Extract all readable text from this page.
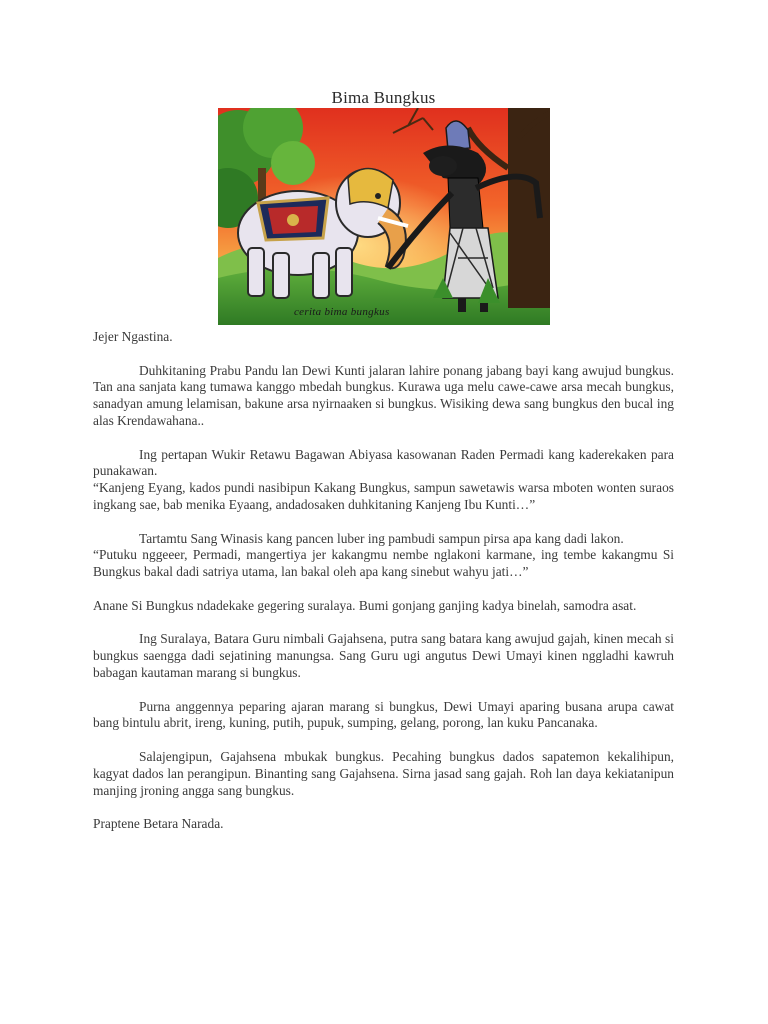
Bima Bungkus
cerita bima bungkus

Jejer Ngastina.

Duhkitaning Prabu Pandu lan Dewi Kunti jalaran lahire ponang jabang bayi kang awujud bungkus. Tan ana sanjata kang tumawa kanggo mbedah bungkus. Kurawa uga melu cawe-cawe arsa mecah bungkus, sanadyan amung lelamisan, bakune arsa nyirnaaken si bungkus. Wisiking dewa sang bungkus den bucal ing alas Krendawahana..

Ing pertapan Wukir Retawu Bagawan Abiyasa kasowanan Raden Permadi kang kaderekaken para punakawan.

“Kanjeng Eyang, kados pundi nasibipun Kakang Bungkus, sampun sawetawis warsa mboten wonten suraos ingkang sae, bab menika Eyaang, andadosaken duhkitaning Kanjeng Ibu Kunti…”

Tartamtu Sang Winasis kang pancen luber ing pambudi sampun pirsa apa kang dadi lakon.

“Putuku nggeeer, Permadi, mangertiya jer kakangmu nembe nglakoni karmane, ing tembe kakangmu Si Bungkus bakal dadi satriya utama, lan bakal oleh apa kang sinebut wahyu jati…”

Anane Si Bungkus ndadekake gegering suralaya. Bumi gonjang ganjing kadya binelah, samodra asat.

Ing Suralaya, Batara Guru nimbali Gajahsena, putra sang batara kang awujud gajah, kinen mecah si bungkus saengga dadi sejatining manungsa. Sang Guru ugi angutus Dewi Umayi kinen nggladhi kawruh babagan kautaman marang si bungkus.

Purna anggennya peparing ajaran marang si bungkus, Dewi Umayi aparing busana arupa cawat bang bintulu abrit, ireng, kuning, putih, pupuk, sumping, gelang, porong, lan kuku Pancanaka.

Salajengipun, Gajahsena mbukak bungkus. Pecahing bungkus dados sapatemon kekalihipun, kagyat dados lan perangipun. Binanting sang Gajahsena. Sirna jasad sang gajah. Roh lan daya kekiatanipun manjing jroning angga sang bungkus.

Praptene Betara Narada.
